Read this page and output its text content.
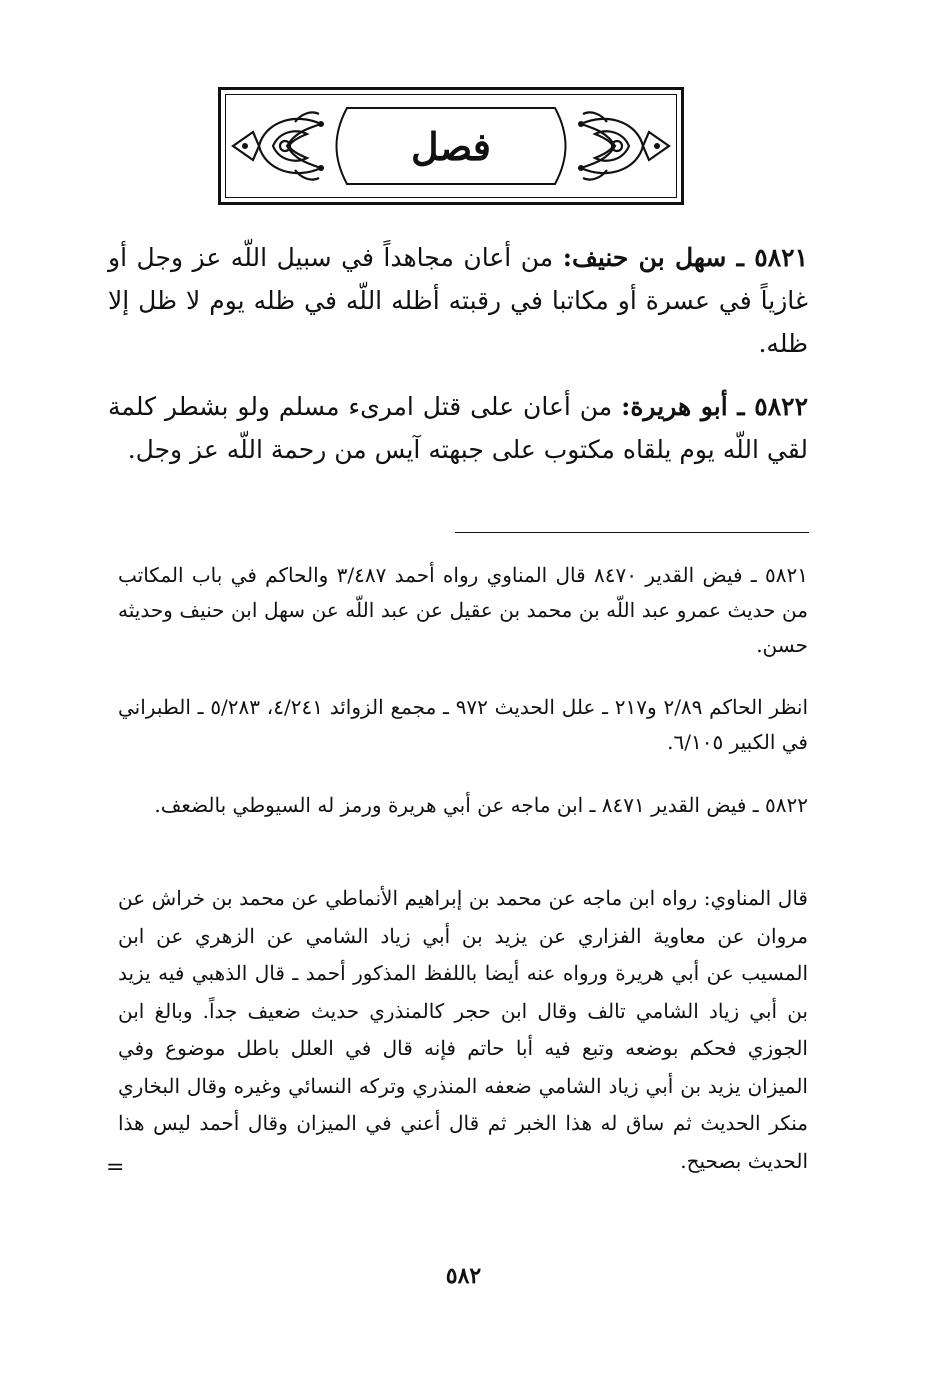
فصل

٥٨٢١ ـ سهل بن حنيف: من أعان مجاهداً في سبيل اللّه عز وجل أو غازياً في عسرة أو مكاتبا في رقبته أظله اللّه في ظله يوم لا ظل إلا ظله.

٥٨٢٢ ـ أبو هريرة: من أعان على قتل امرىء مسلم ولو بشطر كلمة لقي اللّه يوم يلقاه مكتوب على جبهته آيس من رحمة اللّه عز وجل.

٥٨٢١ ـ فيض القدير ٨٤٧٠ قال المناوي رواه أحمد ٣/٤٨٧ والحاكم في باب المكاتب من حديث عمرو عبد اللّه بن محمد بن عقيل عن عبد اللّه عن سهل ابن حنيف وحديثه حسن.

انظر الحاكم ٢/٨٩ و٢١٧ ـ علل الحديث ٩٧٢ ـ مجمع الزوائد ٤/٢٤١، ٥/٢٨٣ ـ الطبراني في الكبير ٦/١٠٥.

٥٨٢٢ ـ فيض القدير ٨٤٧١ ـ ابن ماجه عن أبي هريرة ورمز له السيوطي بالضعف.

قال المناوي: رواه ابن ماجه عن محمد بن إبراهيم الأنماطي عن محمد بن خراش عن مروان عن معاوية الفزاري عن يزيد بن أبي زياد الشامي عن الزهري عن ابن المسيب عن أبي هريرة ورواه عنه أيضا باللفظ المذكور أحمد ـ قال الذهبي فيه يزيد بن أبي زياد الشامي تالف وقال ابن حجر كالمنذري حديث ضعيف جداً. وبالغ ابن الجوزي فحكم بوضعه وتبع فيه أبا حاتم فإنه قال في العلل باطل موضوع وفي الميزان يزيد بن أبي زياد الشامي ضعفه المنذري وتركه النسائي وغيره وقال البخاري منكر الحديث ثم ساق له هذا الخبر ثم قال أعني في الميزان وقال أحمد ليس هذا الحديث بصحيح.

=
٥٨٢
